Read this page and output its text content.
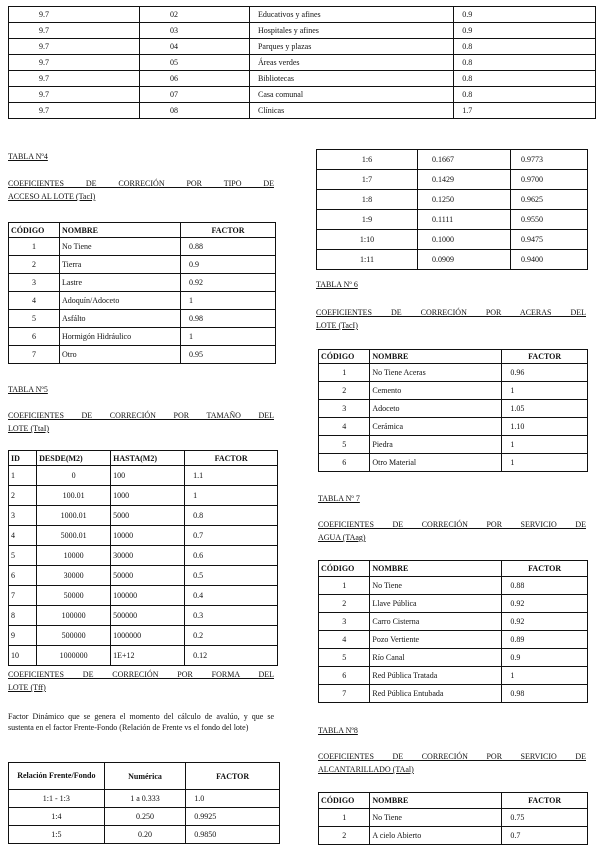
9.7	02	Educativos y afines	0.9
9.7	03	Hospitales y afines	0.9
9.7	04	Parques y plazas	0.8
9.7	05	Áreas verdes	0.8
9.7	06	Bibliotecas	0.8
9.7	07	Casa comunal	0.8
9.7	08	Clínicas	1.7
TABLA Nº4
COEFICIENTES DE CORRECIÓN POR TIPO DE
ACCESO AL LOTE (TacI)
CÓDIGO	NOMBRE	FACTOR
1	No Tiene	0.88
2	Tierra	0.9
3	Lastre	0.92
4	Adoquín/Adoceto	1
5	Asfálto	0.98
6	Hormigón Hidráulico	1
7	Otro	0.95
TABLA Nº5
COEFICIENTES DE CORRECIÓN POR TAMAÑO DEL
LOTE (TtaI)
ID	DESDE(M2)	HASTA(M2)	FACTOR
1	0	100	1.1
2	100.01	1000	1
3	1000.01	5000	0.8
4	5000.01	10000	0.7
5	10000	30000	0.6
6	30000	50000	0.5
7	50000	100000	0.4
8	100000	500000	0.3
9	500000	1000000	0.2
10	1000000	1E+12	0.12
COEFICIENTES DE CORRECIÓN POR FORMA DEL
LOTE (Tff)
Factor Dinámico que se genera el momento del cálculo de avalúo, y que se sustenta en el factor Frente-Fondo (Relación de Frente vs el fondo del lote)
Relación Frente/Fondo	Numérica	FACTOR
1:1 - 1:3	1 a 0.333	1.0
1:4	0.250	0.9925
1:5	0.20	0.9850
1:6	0.1667	0.9773
1:7	0.1429	0.9700
1:8	0.1250	0.9625
1:9	0.1111	0.9550
1:10	0.1000	0.9475
1:11	0.0909	0.9400
TABLA Nº 6
COEFICIENTES DE CORRECIÓN POR ACERAS DEL
LOTE (TacI)
CÓDIGO	NOMBRE	FACTOR
1	No Tiene Aceras	0.96
2	Cemento	1
3	Adoceto	1.05
4	Cerámica	1.10
5	Piedra	1
6	Otro Material	1
TABLA Nº 7
COEFICIENTES DE CORRECIÓN POR SERVICIO DE
AGUA (TAag)
CÓDIGO	NOMBRE	FACTOR
1	No Tiene	0.88
2	Llave Pública	0.92
3	Carro Cisterna	0.92
4	Pozo Vertiente	0.89
5	Río Canal	0.9
6	Red Pública Tratada	1
7	Red Pública Entubada	0.98
TABLA Nº8
COEFICIENTES DE CORRECIÓN POR SERVICIO DE
ALCANTARILLADO (TAal)
CÓDIGO	NOMBRE	FACTOR
1	No Tiene	0.75
2	A cielo Abierto	0.7
